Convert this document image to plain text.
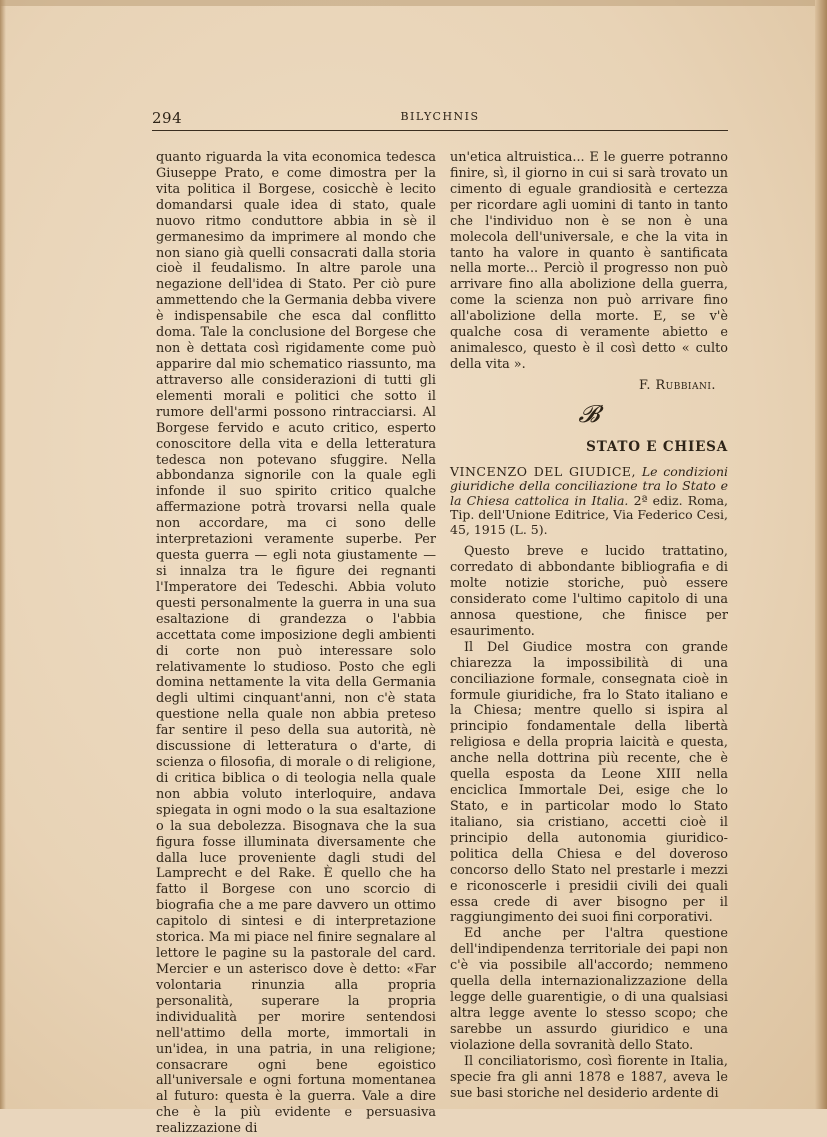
294	BILYCHNIS

quanto riguarda la vita economica tedesca Giuseppe Prato, e come dimostra per la vita politica il Borgese, cosicchè è lecito domandarsi quale idea di stato, quale nuovo ritmo conduttore abbia in sè il germanesimo da imprimere al mondo che non siano già quelli consacrati dalla storia cioè il feudalismo. In altre parole una negazione dell'idea di Stato. Per ciò pure ammettendo che la Germania debba vivere è indispensabile che esca dal conflitto doma. Tale la conclusione del Borgese che non è dettata così rigidamente come può apparire dal mio schematico riassunto, ma attraverso alle considerazioni di tutti gli elementi morali e politici che sotto il rumore dell'armi possono rintracciarsi. Al Borgese fervido e acuto critico, esperto conoscitore della vita e della letteratura tedesca non potevano sfuggire. Nella abbondanza signorile con la quale egli infonde il suo spirito critico qualche affermazione potrà trovarsi nella quale non accordare, ma ci sono delle interpretazioni veramente superbe. Per questa guerra — egli nota giustamente — si innalza tra le figure dei regnanti l'Imperatore dei Tedeschi. Abbia voluto questi personalmente la guerra in una sua esaltazione di grandezza o l'abbia accettata come imposizione degli ambienti di corte non può interessare solo relativamente lo studioso. Posto che egli domina nettamente la vita della Germania degli ultimi cinquant'anni, non c'è stata questione nella quale non abbia preteso far sentire il peso della sua autorità, nè discussione di letteratura o d'arte, di scienza o filosofia, di morale o di religione, di critica biblica o di teologia nella quale non abbia voluto interloquire, andava spiegata in ogni modo o la sua esaltazione o la sua debolezza. Bisognava che la sua figura fosse illuminata diversamente che dalla luce proveniente dagli studi del Lamprecht e del Rake. È quello che ha fatto il Borgese con uno scorcio di biografia che a me pare davvero un ottimo capitolo di sintesi e di interpretazione storica. Ma mi piace nel finire segnalare al lettore le pagine su la pastorale del card. Mercier e un asterisco dove è detto: «Far volontaria rinunzia alla propria personalità, superare la propria individualità per morire sentendosi nell'attimo della morte, immortali in un'idea, in una patria, in una religione; consacrare ogni bene egoistico all'universale e ogni fortuna momentanea al futuro: questa è la guerra. Vale a dire che è la più evidente e persuasiva realizzazione di

un'etica altruistica... E le guerre potranno finire, sì, il giorno in cui si sarà trovato un cimento di eguale grandiosità e certezza per ricordare agli uomini di tanto in tanto che l'individuo non è se non è una molecola dell'universale, e che la vita in tanto ha valore in quanto è santificata nella morte... Perciò il progresso non può arrivare fino alla abolizione della guerra, come la scienza non può arrivare fino all'abolizione della morte. E, se v'è qualche cosa di veramente abietto e animalesco, questo è il così detto « culto della vita ».

F. Rubbiani.

𝓑

STATO E CHIESA

VINCENZO DEL GIUDICE, Le condizioni giuridiche della conciliazione tra lo Stato e la Chiesa cattolica in Italia. 2ª ediz. Roma, Tip. dell'Unione Editrice, Via Federico Cesi, 45, 1915 (L. 5).

Questo breve e lucido trattatino, corredato di abbondante bibliografia e di molte notizie storiche, può essere considerato come l'ultimo capitolo di una annosa questione, che finisce per esaurimento.

Il Del Giudice mostra con grande chiarezza la impossibilità di una conciliazione formale, consegnata cioè in formule giuridiche, fra lo Stato italiano e la Chiesa; mentre quello si ispira al principio fondamentale della libertà religiosa e della propria laicità e questa, anche nella dottrina più recente, che è quella esposta da Leone XIII nella enciclica Immortale Dei, esige che lo Stato, e in particolar modo lo Stato italiano, sia cristiano, accetti cioè il principio della autonomia giuridico-politica della Chiesa e del doveroso concorso dello Stato nel prestarle i mezzi e riconoscerle i presidii civili dei quali essa crede di aver bisogno per il raggiungimento dei suoi fini corporativi.

Ed anche per l'altra questione dell'indipendenza territoriale dei papi non c'è via possibile all'accordo; nemmeno quella della internazionalizzazione della legge delle guarentigie, o di una qualsiasi altra legge avente lo stesso scopo; che sarebbe un assurdo giuridico e una violazione della sovranità dello Stato.

Il conciliatorismo, così fiorente in Italia, specie fra gli anni 1878 e 1887, aveva le sue basi storiche nel desiderio ardente di
